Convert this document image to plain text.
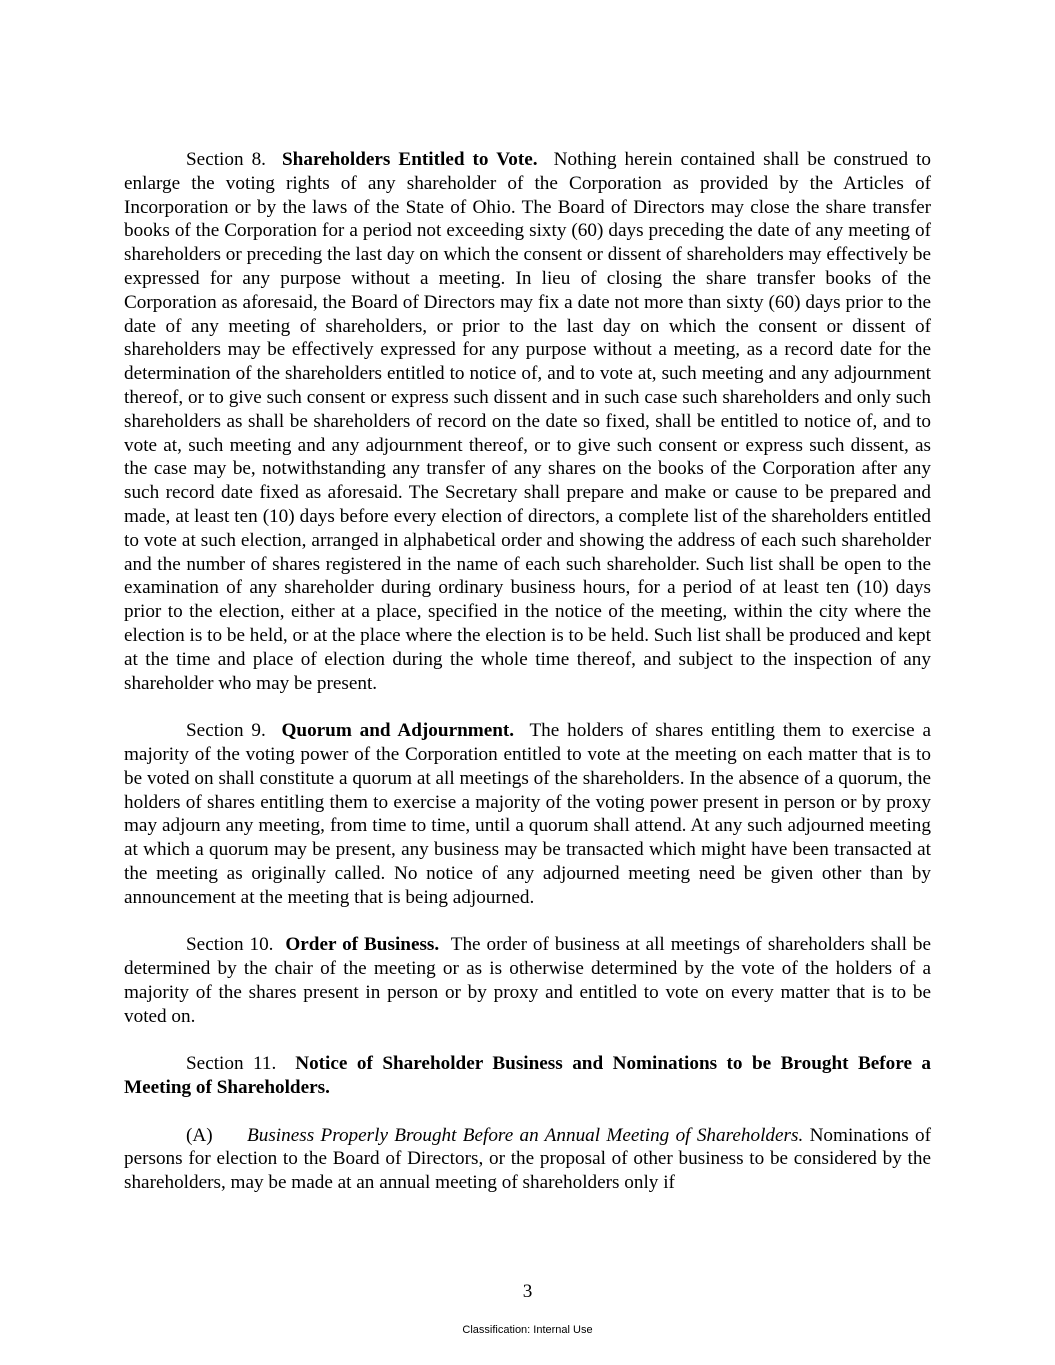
Section 8. Shareholders Entitled to Vote. Nothing herein contained shall be construed to enlarge the voting rights of any shareholder of the Corporation as provided by the Articles of Incorporation or by the laws of the State of Ohio. The Board of Directors may close the share transfer books of the Corporation for a period not exceeding sixty (60) days preceding the date of any meeting of shareholders or preceding the last day on which the consent or dissent of shareholders may effectively be expressed for any purpose without a meeting. In lieu of closing the share transfer books of the Corporation as aforesaid, the Board of Directors may fix a date not more than sixty (60) days prior to the date of any meeting of shareholders, or prior to the last day on which the consent or dissent of shareholders may be effectively expressed for any purpose without a meeting, as a record date for the determination of the shareholders entitled to notice of, and to vote at, such meeting and any adjournment thereof, or to give such consent or express such dissent and in such case such shareholders and only such shareholders as shall be shareholders of record on the date so fixed, shall be entitled to notice of, and to vote at, such meeting and any adjournment thereof, or to give such consent or express such dissent, as the case may be, notwithstanding any transfer of any shares on the books of the Corporation after any such record date fixed as aforesaid. The Secretary shall prepare and make or cause to be prepared and made, at least ten (10) days before every election of directors, a complete list of the shareholders entitled to vote at such election, arranged in alphabetical order and showing the address of each such shareholder and the number of shares registered in the name of each such shareholder. Such list shall be open to the examination of any shareholder during ordinary business hours, for a period of at least ten (10) days prior to the election, either at a place, specified in the notice of the meeting, within the city where the election is to be held, or at the place where the election is to be held. Such list shall be produced and kept at the time and place of election during the whole time thereof, and subject to the inspection of any shareholder who may be present.

Section 9. Quorum and Adjournment. The holders of shares entitling them to exercise a majority of the voting power of the Corporation entitled to vote at the meeting on each matter that is to be voted on shall constitute a quorum at all meetings of the shareholders. In the absence of a quorum, the holders of shares entitling them to exercise a majority of the voting power present in person or by proxy may adjourn any meeting, from time to time, until a quorum shall attend. At any such adjourned meeting at which a quorum may be present, any business may be transacted which might have been transacted at the meeting as originally called. No notice of any adjourned meeting need be given other than by announcement at the meeting that is being adjourned.

Section 10. Order of Business. The order of business at all meetings of shareholders shall be determined by the chair of the meeting or as is otherwise determined by the vote of the holders of a majority of the shares present in person or by proxy and entitled to vote on every matter that is to be voted on.

Section 11. Notice of Shareholder Business and Nominations to be Brought Before a Meeting of Shareholders.

(A) Business Properly Brought Before an Annual Meeting of Shareholders. Nominations of persons for election to the Board of Directors, or the proposal of other business to be considered by the shareholders, may be made at an annual meeting of shareholders only if

3
Classification: Internal Use
